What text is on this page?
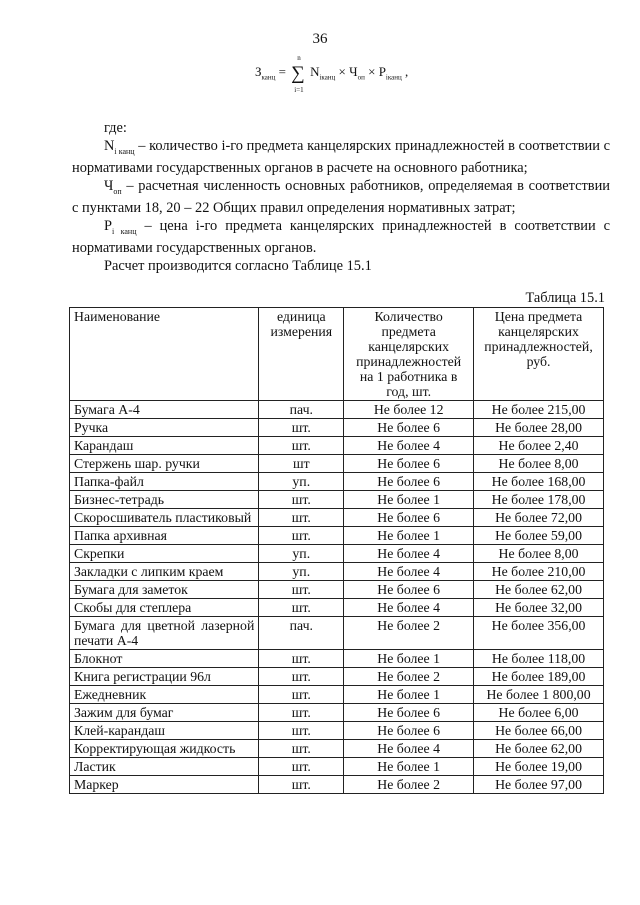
36
$З_{канц}$ = ∑
n
i=1
$N_{iканц} \times Ч_{оп} \times P_{iканц}$ ,

где:

$N_{i канц}$ – количество i-го предмета канцелярских принадлежностей в соответствии с нормативами государственных органов в расчете на основного работника;

$Ч_{оп}$ – расчетная численность основных работников, определяемая в соответствии с пунктами 18, 20 – 22 Общих правил определения нормативных затрат;

$P_{i канц}$ – цена i-го предмета канцелярских принадлежностей в соответствии с нормативами государственных органов.

Расчет производится согласно Таблице 15.1

Таблица 15.1
Наименование	единица измерения	Количество предмета канцелярских принадлежностей на 1 работника в год, шт.	Цена предмета канцелярских принадлежностей, руб.
Бумага А-4	пач.	Не более 12	Не более 215,00
Ручка	шт.	Не более 6	Не более 28,00
Карандаш	шт.	Не более 4	Не более 2,40
Стержень шар. ручки	шт	Не более 6	Не более 8,00
Папка-файл	уп.	Не более 6	Не более 168,00
Бизнес-тетрадь	шт.	Не более 1	Не более 178,00
Скоросшиватель пластиковый	шт.	Не более 6	Не более 72,00
Папка архивная	шт.	Не более 1	Не более 59,00
Скрепки	уп.	Не более 4	Не более 8,00
Закладки с липким краем	уп.	Не более 4	Не более 210,00
Бумага для заметок	шт.	Не более 6	Не более 62,00
Скобы для степлера	шт.	Не более 4	Не более 32,00
Бумага для цветной лазерной печати А-4	пач.	Не более 2	Не более 356,00
Блокнот	шт.	Не более 1	Не более 118,00
Книга регистрации 96л	шт.	Не более 2	Не более 189,00
Ежедневник	шт.	Не более 1	Не более 1 800,00
Зажим для бумаг	шт.	Не более 6	Не более 6,00
Клей-карандаш	шт.	Не более 6	Не более 66,00
Корректирующая жидкость	шт.	Не более 4	Не более 62,00
Ластик	шт.	Не более 1	Не более 19,00
Маркер	шт.	Не более 2	Не более 97,00
